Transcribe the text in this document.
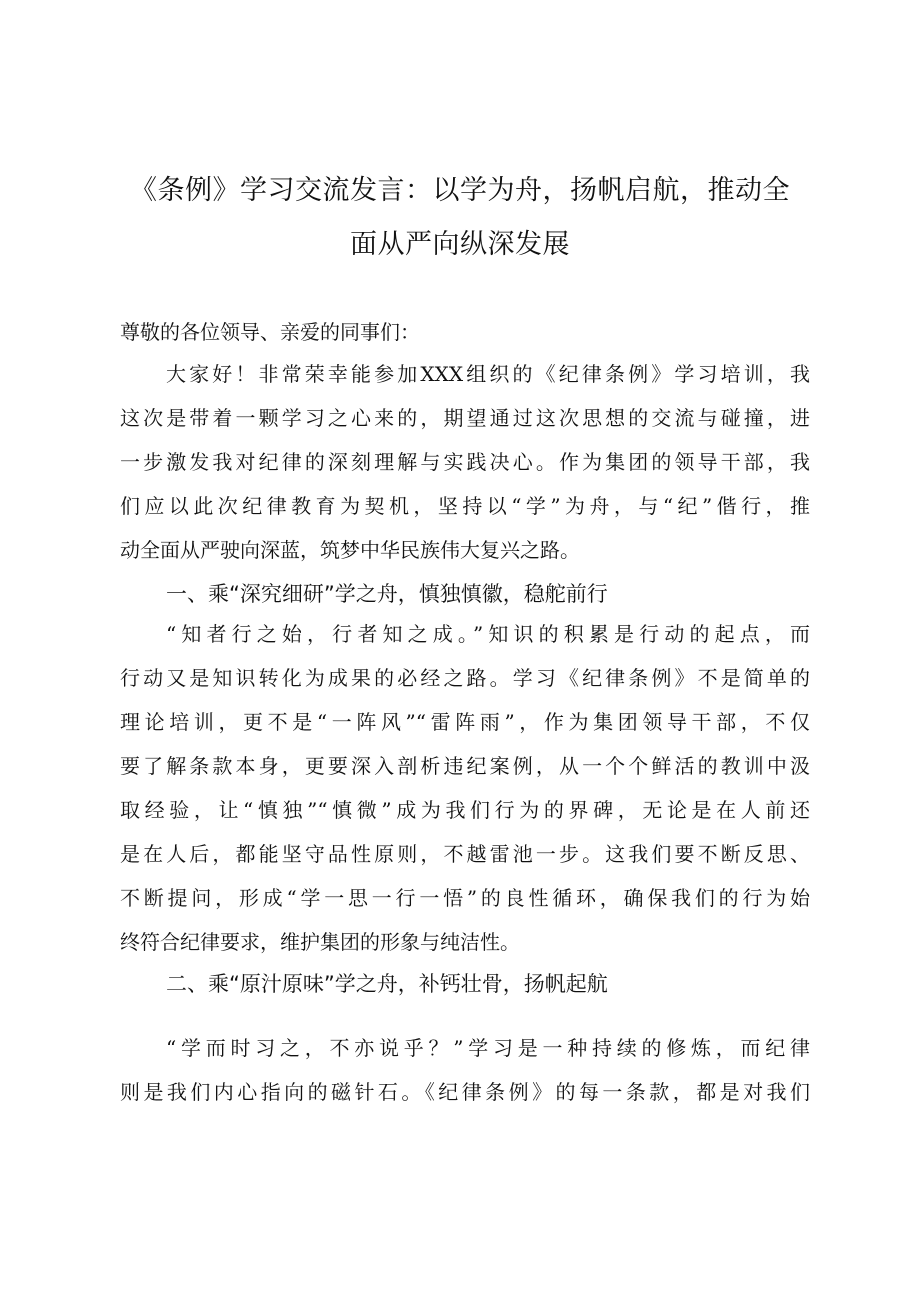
《条例》学习交流发言：以学为舟，扬帆启航，推动全
面从严向纵深发展
尊敬的各位领导、亲爱的同事们：
大家好！非常荣幸能参加XXX组织的《纪律条例》学习培训，我
这次是带着一颗学习之心来的，期望通过这次思想的交流与碰撞，进
一步激发我对纪律的深刻理解与实践决心。作为集团的领导干部，我
们应以此次纪律教育为契机，坚持以“学”为舟，与“纪”偕行，推
动全面从严驶向深蓝，筑梦中华民族伟大复兴之路。
一、乘“深究细研”学之舟，慎独慎徽，稳舵前行
“知者行之始，行者知之成。”知识的积累是行动的起点，而
行动又是知识转化为成果的必经之路。学习《纪律条例》不是简单的
理论培训，更不是“一阵风”“雷阵雨”，作为集团领导干部，不仅
要了解条款本身，更要深入剖析违纪案例，从一个个鲜活的教训中汲
取经验，让“慎独”“慎微”成为我们行为的界碑，无论是在人前还
是在人后，都能坚守品性原则，不越雷池一步。这我们要不断反思、
不断提问，形成“学一思一行一悟”的良性循环，确保我们的行为始
终符合纪律要求，维护集团的形象与纯洁性。
二、乘“原汁原味”学之舟，补钙壮骨，扬帆起航
“学而时习之，不亦说乎？”学习是一种持续的修炼，而纪律
则是我们内心指向的磁针石。《纪律条例》的每一条款，都是对我们
